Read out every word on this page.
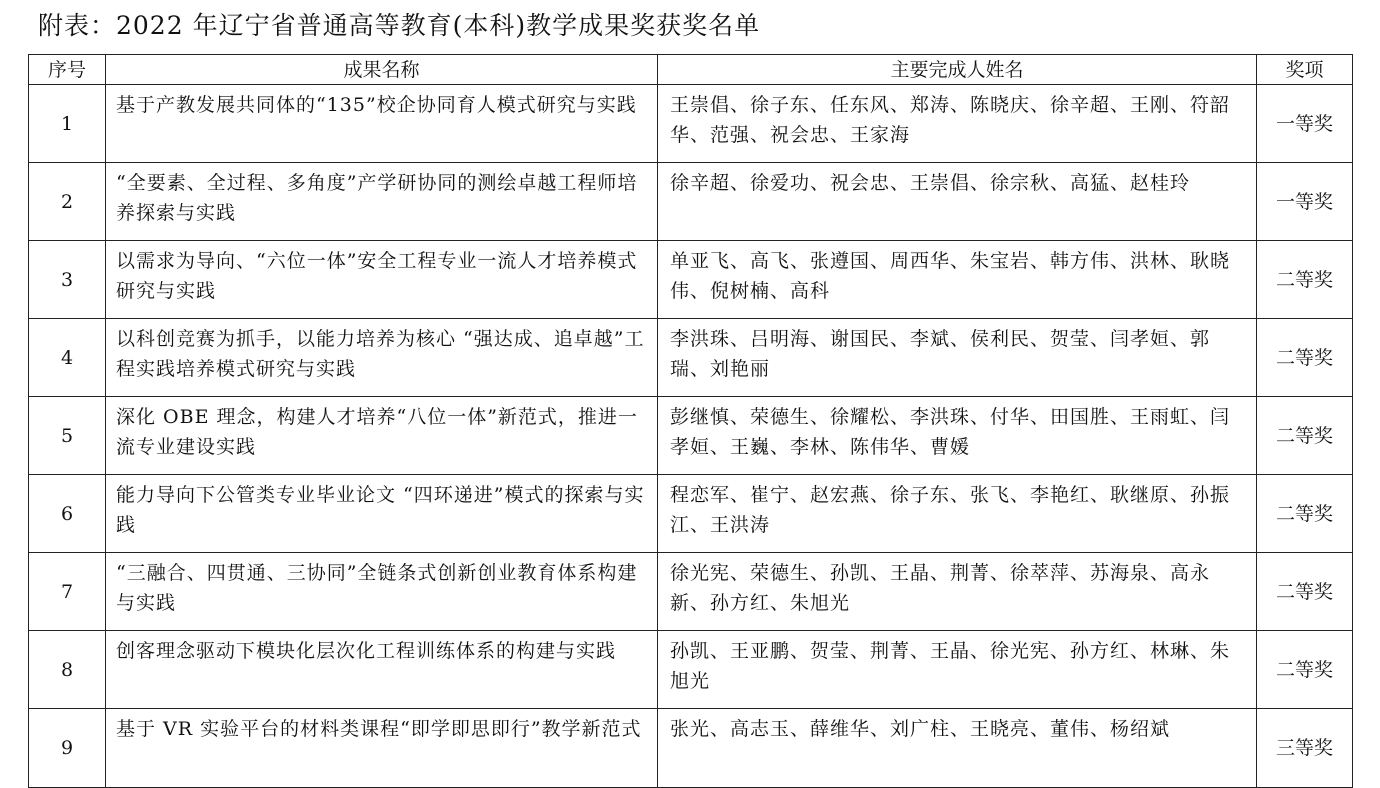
附表：2022 年辽宁省普通高等教育(本科)教学成果奖获奖名单
序号	成果名称	主要完成人姓名	奖项
1	基于产教发展共同体的“135”校企协同育人模式研究与实践	王崇倡、徐子东、任东风、郑涛、陈晓庆、徐辛超、王刚、符韶华、范强、祝会忠、王家海	一等奖
2	“全要素、全过程、多角度”产学研协同的测绘卓越工程师培养探索与实践	徐辛超、徐爱功、祝会忠、王崇倡、徐宗秋、高猛、赵桂玲	一等奖
3	以需求为导向、“六位一体”安全工程专业一流人才培养模式研究与实践	单亚飞、高飞、张遵国、周西华、朱宝岩、韩方伟、洪林、耿晓伟、倪树楠、高科	二等奖
4	以科创竞赛为抓手，以能力培养为核心 “强达成、追卓越”工程实践培养模式研究与实践	李洪珠、吕明海、谢国民、李斌、侯利民、贺莹、闫孝姮、郭瑞、刘艳丽	二等奖
5	深化 OBE 理念，构建人才培养“八位一体”新范式，推进一流专业建设实践	彭继慎、荣德生、徐耀松、李洪珠、付华、田国胜、王雨虹、闫孝姮、王巍、李林、陈伟华、曹媛	二等奖
6	能力导向下公管类专业毕业论文 “四环递进”模式的探索与实践	程恋军、崔宁、赵宏燕、徐子东、张飞、李艳红、耿继原、孙振江、王洪涛	二等奖
7	“三融合、四贯通、三协同”全链条式创新创业教育体系构建与实践	徐光宪、荣德生、孙凯、王晶、荆菁、徐萃萍、苏海泉、高永新、孙方红、朱旭光	二等奖
8	创客理念驱动下模块化层次化工程训练体系的构建与实践	孙凯、王亚鹏、贺莹、荆菁、王晶、徐光宪、孙方红、林琳、朱旭光	二等奖
9	基于 VR 实验平台的材料类课程“即学即思即行”教学新范式	张光、高志玉、薛维华、刘广柱、王晓亮、董伟、杨绍斌	三等奖
